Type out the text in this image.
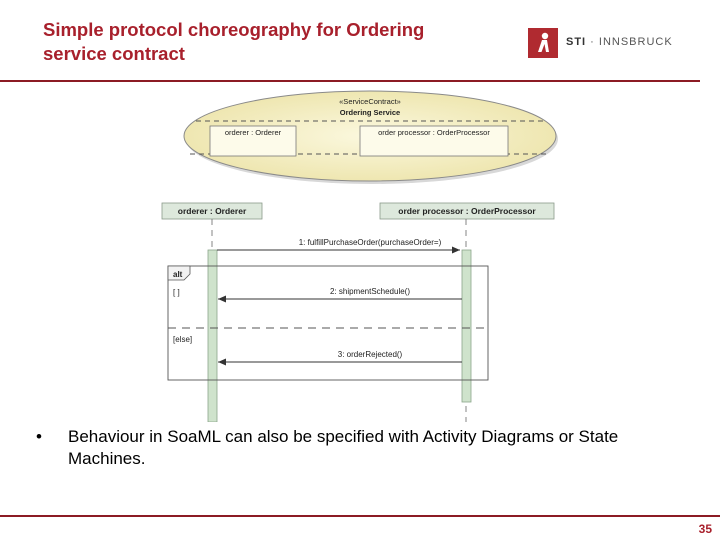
Simple protocol choreography for Ordering service contract
STI · INNSBRUCK
«ServiceContract»
Ordering Service
orderer : Orderer	order processor : OrderProcessor
orderer : Orderer	order processor : OrderProcessor
1: fulfillPurchaseOrder(purchaseOrder=)
alt
[ ]
[else]
2: shipmentSchedule()
3: orderRejected()
• Behaviour in SoaML can also be specified with Activity Diagrams or State Machines.
35
